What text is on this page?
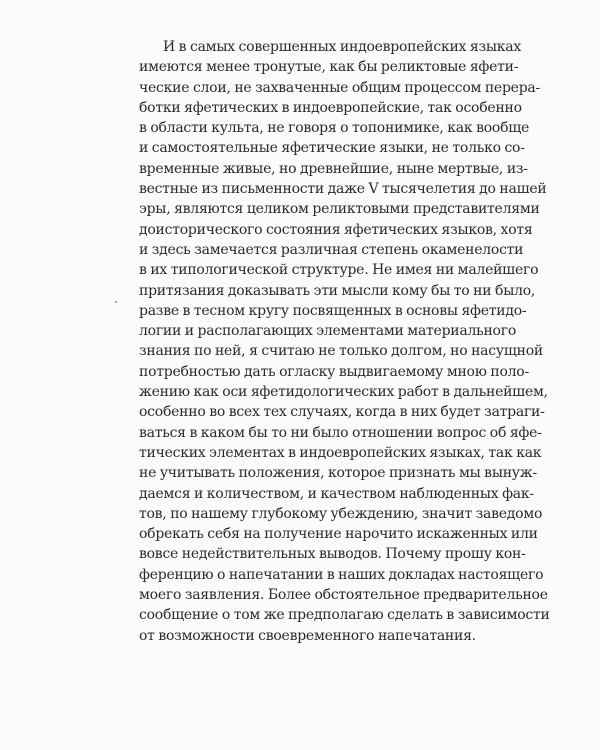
И в самых совершенных индоевропейских языках
имеются менее тронутые, как бы реликтовые яфети-
ческие слои, не захваченные общим процессом перера-
ботки яфетических в индоевропейские, так особенно
в области культа, не говоря о топонимике, как вообще
и самостоятельные яфетические языки, не только со-
временные живые, но древнейшие, ныне мертвые, из-
вестные из письменности даже V тысячелетия до нашей
эры, являются целиком реликтовыми представителями
доисторического состояния яфетических языков, хотя
и здесь замечается различная степень окаменелости
в их типологической структуре. Не имея ни малейшего
притязания доказывать эти мысли кому бы то ни было,
разве в тесном кругу посвященных в основы яфетидо-
логии и располагающих элементами материального
знания по ней, я считаю не только долгом, но насущной
потребностью дать огласку выдвигаемому мною поло-
жению как оси яфетидологических работ в дальнейшем,
особенно во всех тех случаях, когда в них будет затраги-
ваться в каком бы то ни было отношении вопрос об яфе-
тических элементах в индоевропейских языках, так как
не учитывать положения, которое признать мы вынуж-
даемся и количеством, и качеством наблюденных фак-
тов, по нашему глубокому убеждению, значит заведомо
обрекать себя на получение нарочито искаженных или
вовсе недействительных выводов. Почему прошу кон-
ференцию о напечатании в наших докладах настоящего
моего заявления. Более обстоятельное предварительное
сообщение о том же предполагаю сделать в зависимости
от возможности своевременного напечатания.
